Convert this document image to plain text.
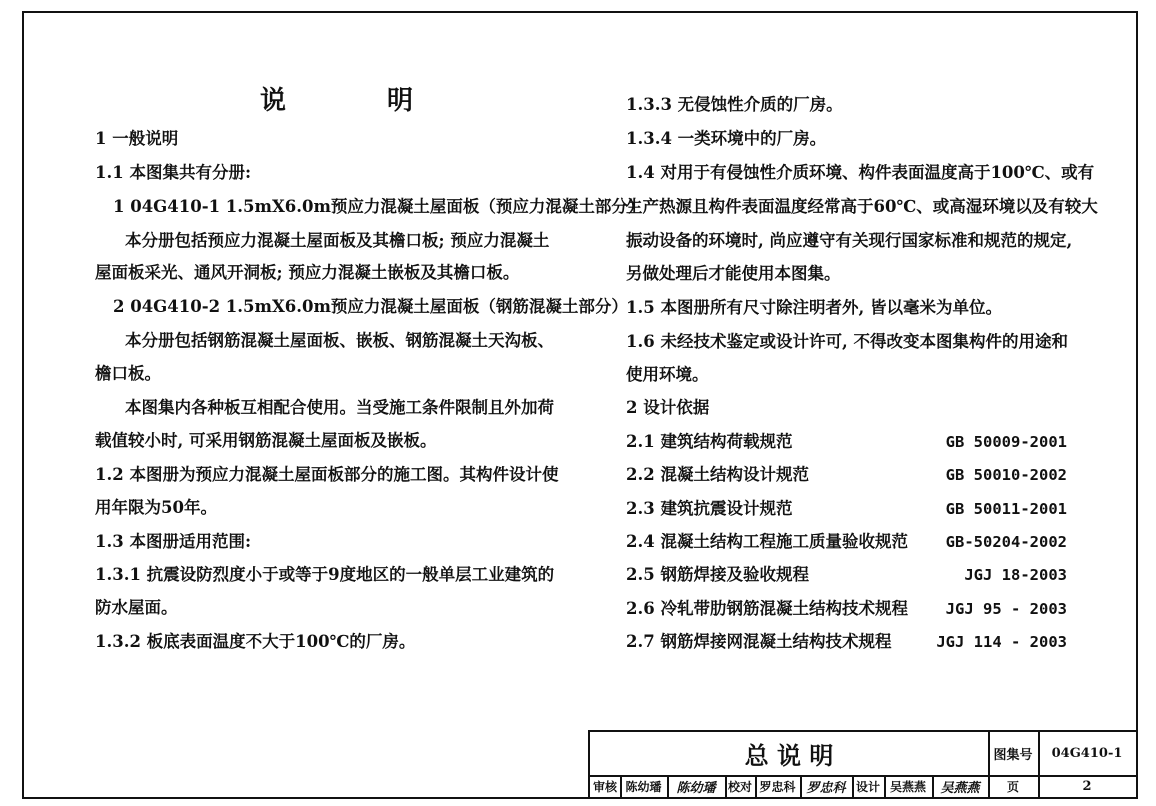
说 明
1 一般说明
1.1 本图集共有分册:
1 04G410-1 1.5mX6.0m预应力混凝土屋面板（预应力混凝土部分）
本分册包括预应力混凝土屋面板及其檐口板; 预应力混凝土
屋面板采光、通风开洞板; 预应力混凝土嵌板及其檐口板。
2 04G410-2 1.5mX6.0m预应力混凝土屋面板（钢筋混凝土部分）
本分册包括钢筋混凝土屋面板、嵌板、钢筋混凝土天沟板、
檐口板。
本图集内各种板互相配合使用。当受施工条件限制且外加荷
载值较小时, 可采用钢筋混凝土屋面板及嵌板。
1.2 本图册为预应力混凝土屋面板部分的施工图。其构件设计使
用年限为50年。
1.3 本图册适用范围:
1.3.1 抗震设防烈度小于或等于9度地区的一般单层工业建筑的
防水屋面。
1.3.2 板底表面温度不大于100℃的厂房。
1.3.3 无侵蚀性介质的厂房。
1.3.4 一类环境中的厂房。
1.4 对用于有侵蚀性介质环境、构件表面温度高于100℃、或有
生产热源且构件表面温度经常高于60℃、或高湿环境以及有较大
振动设备的环境时, 尚应遵守有关现行国家标准和规范的规定,
另做处理后才能使用本图集。
1.5 本图册所有尺寸除注明者外, 皆以毫米为单位。
1.6 未经技术鉴定或设计许可, 不得改变本图集构件的用途和
使用环境。
2 设计依据
2.1 建筑结构荷载规范	GB 50009-2001
2.2 混凝土结构设计规范	GB 50010-2002
2.3 建筑抗震设计规范	GB 50011-2001
2.4 混凝土结构工程施工质量验收规范 GB-50204-2002
2.5 钢筋焊接及验收规程	JGJ 18-2003
2.6 冷轧带肋钢筋混凝土结构技术规程 JGJ 95 - 2003
2.7 钢筋焊接网混凝土结构技术规程	JGJ 114 - 2003
总 说 明	图集号	04G410-1
审核 陈幼璠	陈幼璠	校对 罗忠科 罗忠科 设计 吴燕燕	吴燕燕	页	2
